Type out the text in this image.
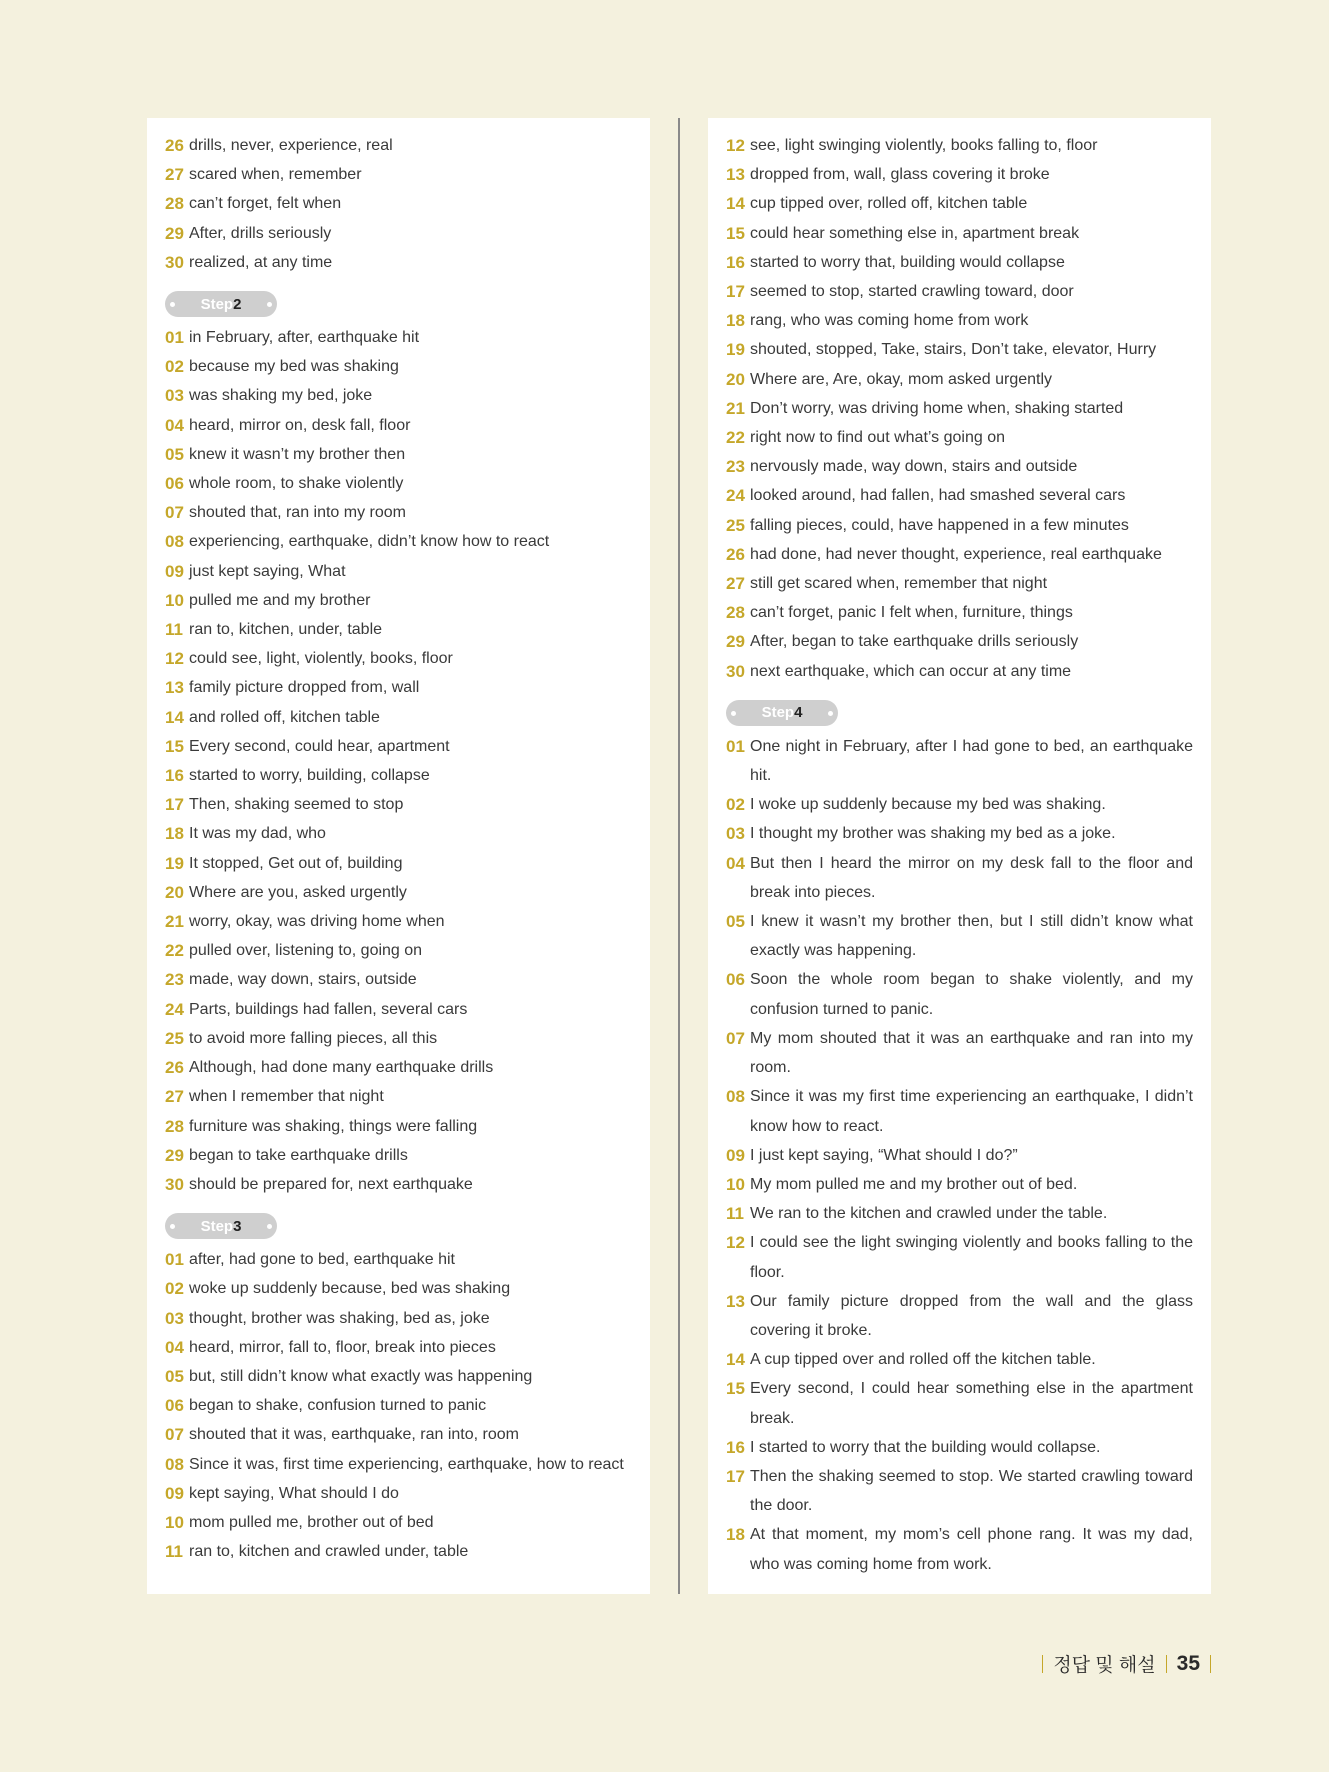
26 drills, never, experience, real
27 scared when, remember
28 can’t forget, felt when
29 After, drills seriously
30 realized, at any time
Step 2
01 in February, after, earthquake hit
02 because my bed was shaking
03 was shaking my bed, joke
04 heard, mirror on, desk fall, floor
05 knew it wasn’t my brother then
06 whole room, to shake violently
07 shouted that, ran into my room
08 experiencing, earthquake, didn’t know how to react
09 just kept saying, What
10 pulled me and my brother
11 ran to, kitchen, under, table
12 could see, light, violently, books, floor
13 family picture dropped from, wall
14 and rolled off, kitchen table
15 Every second, could hear, apartment
16 started to worry, building, collapse
17 Then, shaking seemed to stop
18 It was my dad, who
19 It stopped, Get out of, building
20 Where are you, asked urgently
21 worry, okay, was driving home when
22 pulled over, listening to, going on
23 made, way down, stairs, outside
24 Parts, buildings had fallen, several cars
25 to avoid more falling pieces, all this
26 Although, had done many earthquake drills
27 when I remember that night
28 furniture was shaking, things were falling
29 began to take earthquake drills
30 should be prepared for, next earthquake
Step 3
01 after, had gone to bed, earthquake hit
02 woke up suddenly because, bed was shaking
03 thought, brother was shaking, bed as, joke
04 heard, mirror, fall to, floor, break into pieces
05 but, still didn’t know what exactly was happening
06 began to shake, confusion turned to panic
07 shouted that it was, earthquake, ran into, room
08 Since it was, first time experiencing, earthquake, how to react
09 kept saying, What should I do
10 mom pulled me, brother out of bed
11 ran to, kitchen and crawled under, table
12 see, light swinging violently, books falling to, floor
13 dropped from, wall, glass covering it broke
14 cup tipped over, rolled off, kitchen table
15 could hear something else in, apartment break
16 started to worry that, building would collapse
17 seemed to stop, started crawling toward, door
18 rang, who was coming home from work
19 shouted, stopped, Take, stairs, Don’t take, elevator, Hurry
20 Where are, Are, okay, mom asked urgently
21 Don’t worry, was driving home when, shaking started
22 right now to find out what’s going on
23 nervously made, way down, stairs and outside
24 looked around, had fallen, had smashed several cars
25 falling pieces, could, have happened in a few minutes
26 had done, had never thought, experience, real earthquake
27 still get scared when, remember that night
28 can’t forget, panic I felt when, furniture, things
29 After, began to take earthquake drills seriously
30 next earthquake, which can occur at any time
Step 4
01 One night in February, after I had gone to bed, an earthquake hit.
02 I woke up suddenly because my bed was shaking.
03 I thought my brother was shaking my bed as a joke.
04 But then I heard the mirror on my desk fall to the floor and break into pieces.
05 I knew it wasn’t my brother then, but I still didn’t know what exactly was happening.
06 Soon the whole room began to shake violently, and my confusion turned to panic.
07 My mom shouted that it was an earthquake and ran into my room.
08 Since it was my first time experiencing an earthquake, I didn’t know how to react.
09 I just kept saying, “What should I do?”
10 My mom pulled me and my brother out of bed.
11 We ran to the kitchen and crawled under the table.
12 I could see the light swinging violently and books falling to the floor.
13 Our family picture dropped from the wall and the glass covering it broke.
14 A cup tipped over and rolled off the kitchen table.
15 Every second, I could hear something else in the apartment break.
16 I started to worry that the building would collapse.
17 Then the shaking seemed to stop. We started crawling toward the door.
18 At that moment, my mom’s cell phone rang. It was my dad, who was coming home from work.
정답 및 해설 35
